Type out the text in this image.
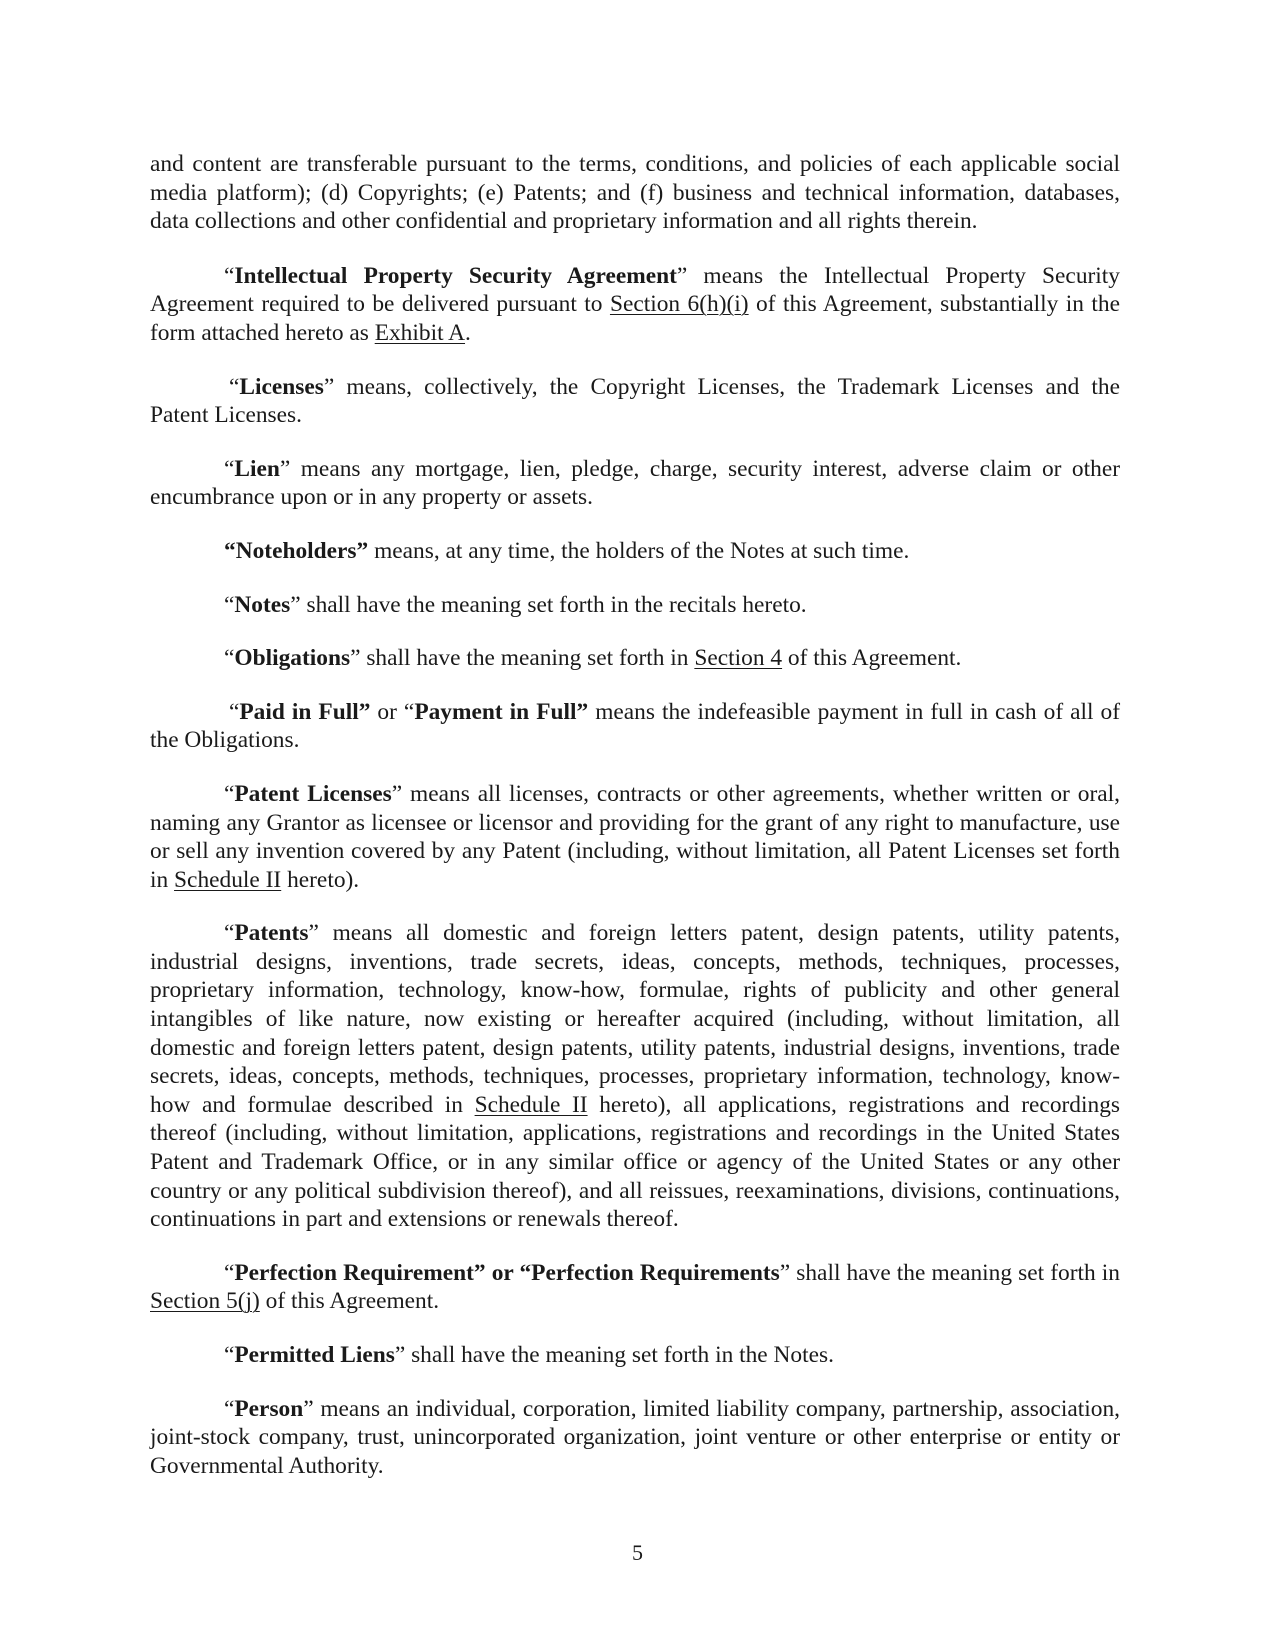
and content are transferable pursuant to the terms, conditions, and policies of each applicable social media platform); (d) Copyrights; (e) Patents; and (f) business and technical information, databases, data collections and other confidential and proprietary information and all rights therein.

“Intellectual Property Security Agreement” means the Intellectual Property Security Agreement required to be delivered pursuant to Section 6(h)(i) of this Agreement, substantially in the form attached hereto as Exhibit A.

“Licenses” means, collectively, the Copyright Licenses, the Trademark Licenses and the Patent Licenses.

“Lien” means any mortgage, lien, pledge, charge, security interest, adverse claim or other encumbrance upon or in any property or assets.

“Noteholders” means, at any time, the holders of the Notes at such time.

“Notes” shall have the meaning set forth in the recitals hereto.

“Obligations” shall have the meaning set forth in Section 4 of this Agreement.

“Paid in Full” or “Payment in Full” means the indefeasible payment in full in cash of all of the Obligations.

“Patent Licenses” means all licenses, contracts or other agreements, whether written or oral, naming any Grantor as licensee or licensor and providing for the grant of any right to manufacture, use or sell any invention covered by any Patent (including, without limitation, all Patent Licenses set forth in Schedule II hereto).

“Patents” means all domestic and foreign letters patent, design patents, utility patents, industrial designs, inventions, trade secrets, ideas, concepts, methods, techniques, processes, proprietary information, technology, know-how, formulae, rights of publicity and other general intangibles of like nature, now existing or hereafter acquired (including, without limitation, all domestic and foreign letters patent, design patents, utility patents, industrial designs, inventions, trade secrets, ideas, concepts, methods, techniques, processes, proprietary information, technology, know-how and formulae described in Schedule II hereto), all applications, registrations and recordings thereof (including, without limitation, applications, registrations and recordings in the United States Patent and Trademark Office, or in any similar office or agency of the United States or any other country or any political subdivision thereof), and all reissues, reexaminations, divisions, continuations, continuations in part and extensions or renewals thereof.

“Perfection Requirement” or “Perfection Requirements” shall have the meaning set forth in Section 5(j) of this Agreement.

“Permitted Liens” shall have the meaning set forth in the Notes.

“Person” means an individual, corporation, limited liability company, partnership, association, joint-stock company, trust, unincorporated organization, joint venture or other enterprise or entity or Governmental Authority.

5
